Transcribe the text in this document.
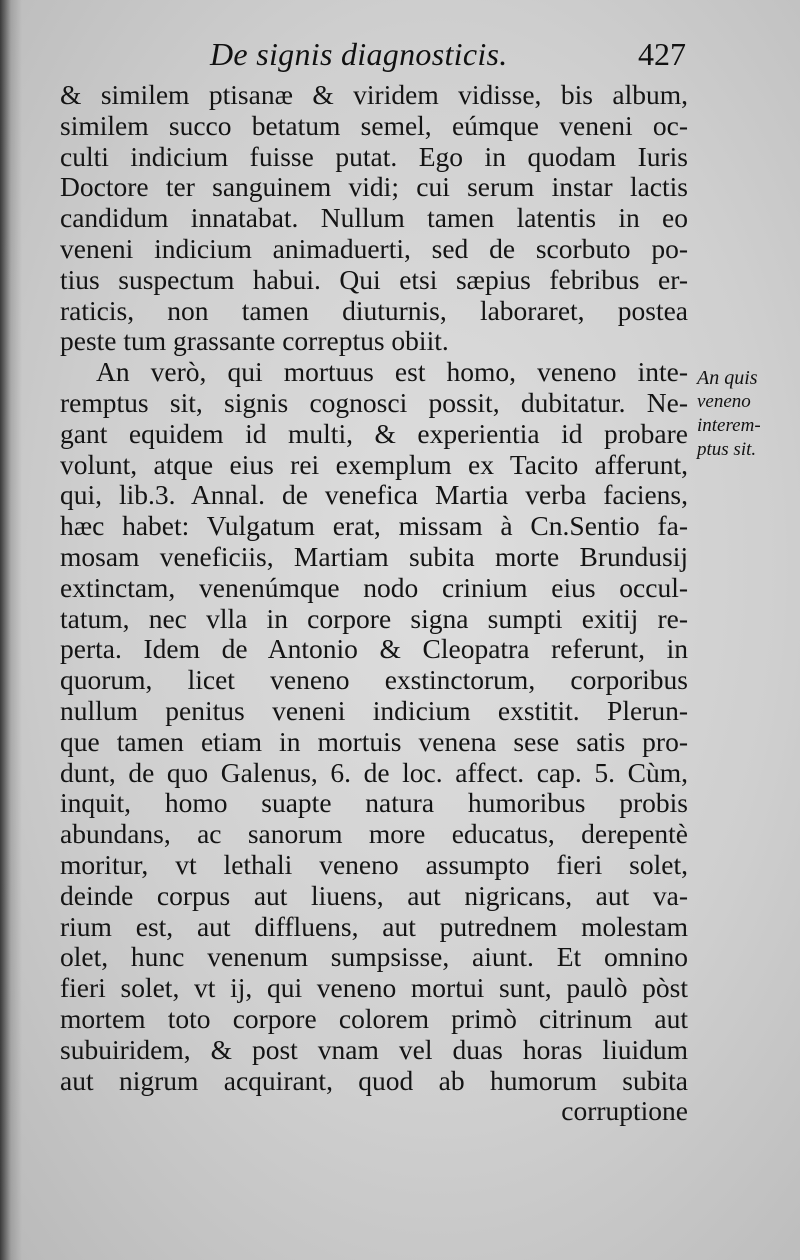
De signis diagnosticis.	427
& similem ptisanæ & viridem vidisse, bis album,
similem succo betatum semel, eúmque veneni oc-
culti indicium fuisse putat. Ego in quodam Iuris
Doctore ter sanguinem vidi; cui serum instar lactis
candidum innatabat. Nullum tamen latentis in eo
veneni indicium animaduerti, sed de scorbuto po-
tius suspectum habui. Qui etsi sæpius febribus er-
raticis, non tamen diuturnis, laboraret, postea
peste tum grassante correptus obiit.
An verò, qui mortuus est homo, veneno inte-
remptus sit, signis cognosci possit, dubitatur. Ne-
gant equidem id multi, & experientia id probare
volunt, atque eius rei exemplum ex Tacito afferunt,
qui, lib.3. Annal. de venefica Martia verba faciens,
hæc habet: Vulgatum erat, missam à Cn.Sentio fa-
mosam veneficiis, Martiam subita morte Brundusij
extinctam, venenúmque nodo crinium eius occul-
tatum, nec vlla in corpore signa sumpti exitij re-
perta. Idem de Antonio & Cleopatra referunt, in
quorum, licet veneno exstinctorum, corporibus
nullum penitus veneni indicium exstitit. Plerun-
que tamen etiam in mortuis venena sese satis pro-
dunt, de quo Galenus, 6. de loc. affect. cap. 5. Cùm,
inquit, homo suapte natura humoribus probis
abundans, ac sanorum more educatus, derepentè
moritur, vt lethali veneno assumpto fieri solet,
deinde corpus aut liuens, aut nigricans, aut va-
rium est, aut diffluens, aut putrednem molestam
olet, hunc venenum sumpsisse, aiunt. Et omnino
fieri solet, vt ij, qui veneno mortui sunt, paulò pòst
mortem toto corpore colorem primò citrinum aut
subuiridem, & post vnam vel duas horas liuidum
aut nigrum acquirant, quod ab humorum subita
corruptione
An quis
veneno
interem-
ptus sit.
